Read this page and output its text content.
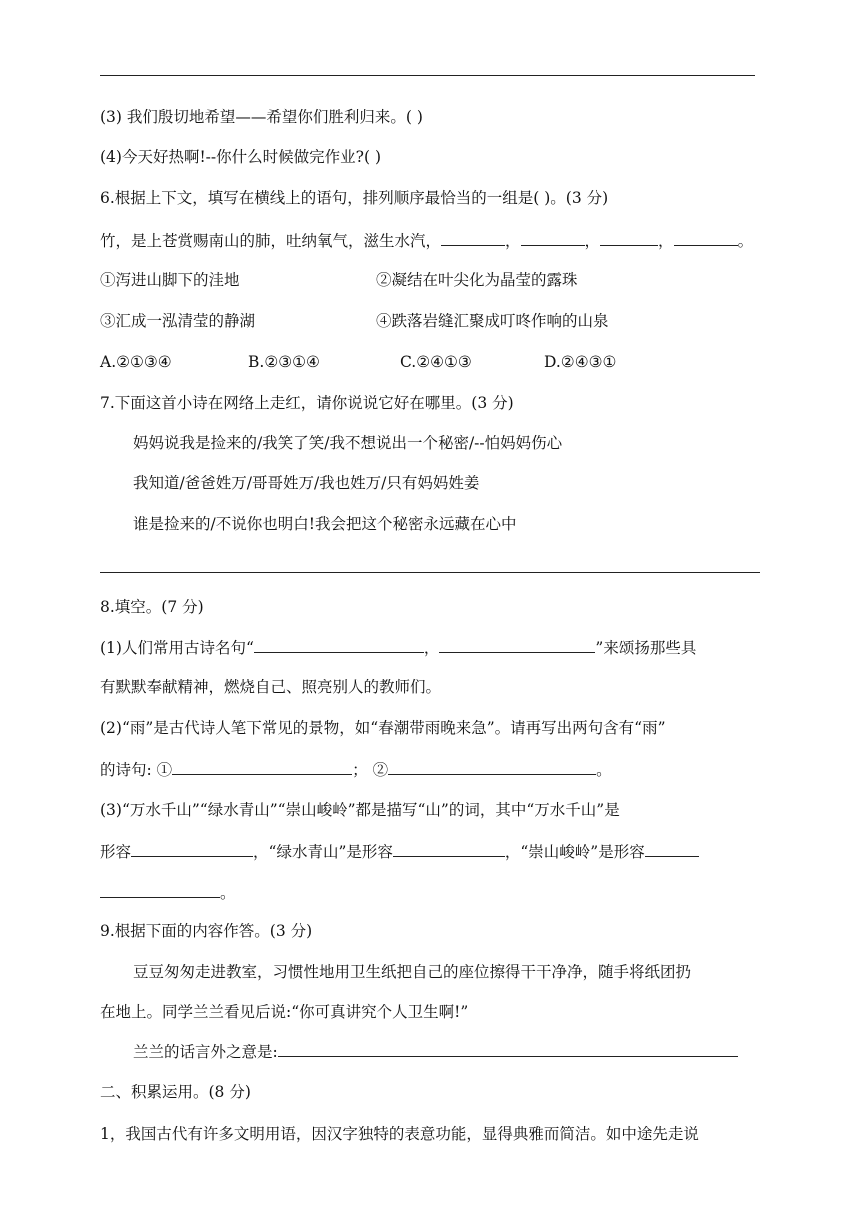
(3) 我们殷切地希望——希望你们胜利归来。( )
(4)今天好热啊!--你什么时候做完作业?( )
6.根据上下文，填写在横线上的语句，排列顺序最恰当的一组是( )。(3 分)
竹，是上苍赏赐南山的肺，吐纳氧气，滋生水汽，	，	，	，	。
①泻进山脚下的洼地	②凝结在叶尖化为晶莹的露珠
③汇成一泓清莹的静湖	④跌落岩缝汇聚成叮咚作响的山泉
A.②①③④	B.②③①④	C.②④①③	D.②④③①
7.下面这首小诗在网络上走红，请你说说它好在哪里。(3 分)
妈妈说我是捡来的/我笑了笑/我不想说出一个秘密/--怕妈妈伤心
我知道/爸爸姓万/哥哥姓万/我也姓万/只有妈妈姓姜
谁是捡来的/不说你也明白!我会把这个秘密永远藏在心中
8.填空。(7 分)
(1)人们常用古诗名句“	，	”来颂扬那些具
有默默奉献精神，燃烧自己、照亮别人的教师们。
(2)“雨”是古代诗人笔下常见的景物，如“春潮带雨晚来急”。请再写出两句含有“雨”
的诗句: ①	； ②	。
(3)“万水千山”“绿水青山”“崇山峻岭”都是描写“山”的词，其中“万水千山”是
形容	，“绿水青山”是形容	，“崇山峻岭”是形容
。
9.根据下面的内容作答。(3 分)
豆豆匆匆走进教室，习惯性地用卫生纸把自己的座位擦得干干净净，随手将纸团扔
在地上。同学兰兰看见后说:“你可真讲究个人卫生啊!”
兰兰的话言外之意是:
二、积累运用。(8 分)
1，我国古代有许多文明用语，因汉字独特的表意功能，显得典雅而简洁。如中途先走说
